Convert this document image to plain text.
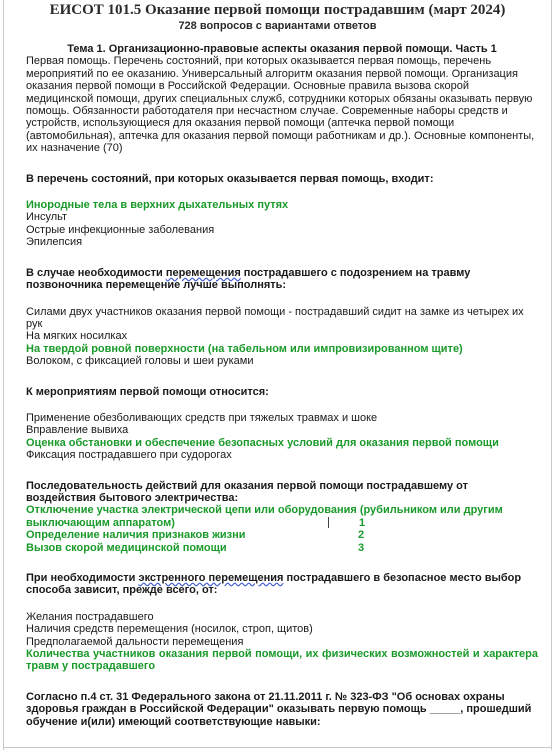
ЕИСОТ 101.5 Оказание первой помощи пострадавшим (март 2024)
728 вопросов с вариантами ответов
Тема 1. Организационно-правовые аспекты оказания первой помощи. Часть 1
Первая помощь. Перечень состояний, при которых оказывается первая помощь, перечень мероприятий по ее оказанию. Универсальный алгоритм оказания первой помощи. Организация оказания первой помощи в Российской Федерации. Основные правила вызова скорой медицинской помощи, других специальных служб, сотрудники которых обязаны оказывать первую помощь. Обязанности работодателя при несчастном случае. Современные наборы средств и устройств, использующиеся для оказания первой помощи (аптечка первой помощи (автомобильная), аптечка для оказания первой помощи работникам и др.). Основные компоненты, их назначение (70)
В перечень состояний, при которых оказывается первая помощь, входит:
Инородные тела в верхних дыхательных путях
Инсульт
Острые инфекционные заболевания
Эпилепсия
В случае необходимости перемещения пострадавшего с подозрением на травму позвоночника перемещение лучше выполнять:
Силами двух участников оказания первой помощи - пострадавший сидит на замке из четырех их рук
На мягких носилках
На твердой ровной поверхности (на табельном или импровизированном щите)
Волоком, с фиксацией головы и шеи руками
К мероприятиям первой помощи относится:
Применение обезболивающих средств при тяжелых травмах и шоке
Вправление вывиха
Оценка обстановки и обеспечение безопасных условий для оказания первой помощи
Фиксация пострадавшего при судорогах
Последовательность действий для оказания первой помощи пострадавшему от воздействия бытового электричества:
Отключение участка электрической цепи или оборудования (рубильником или другим выключающим аппаратом)	1
Определение наличия признаков жизни	2
Вызов скорой медицинской помощи	3
При необходимости экстренного перемещения пострадавшего в безопасное место выбор способа зависит, прежде всего, от:
Желания пострадавшего
Наличия средств перемещения (носилок, строп, щитов)
Предполагаемой дальности перемещения
Количества участников оказания первой помощи, их физических возможностей и характера травм у пострадавшего
Согласно п.4 ст. 31 Федерального закона от 21.11.2011 г. № 323-ФЗ "Об основах охраны здоровья граждан в Российской Федерации" оказывать первую помощь _____, прошедший обучение и(или) имеющий соответствующие навыки:
